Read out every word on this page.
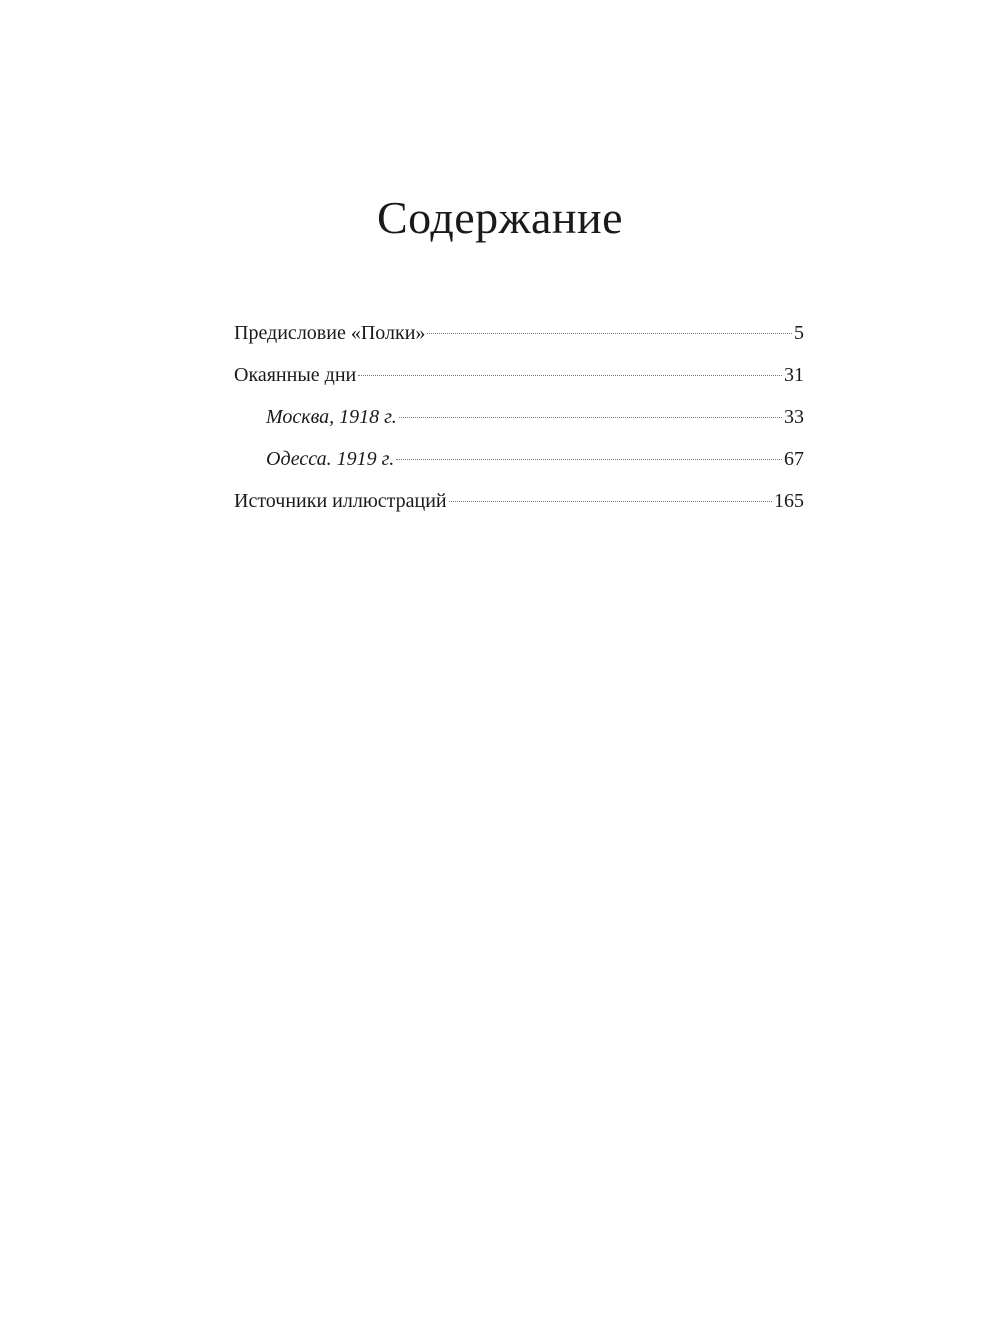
Содержание
Предисловие «Полки»	5
Окаянные дни	31
Москва, 1918 г.	33
Одесса. 1919 г.	67
Источники иллюстраций	165
